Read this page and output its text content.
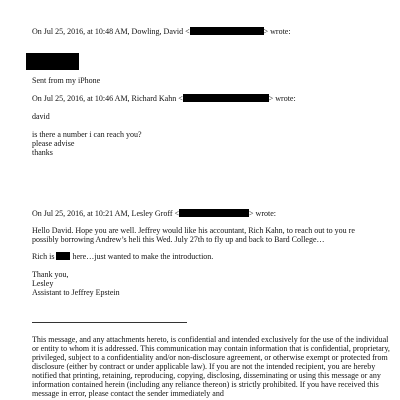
On Jul 25, 2016, at 10:48 AM, Dowling, David <	> wrote:
Sent from my iPhone
On Jul 25, 2016, at 10:46 AM, Richard Kahn <	> wrote:
david
is there a number i can reach you?
please advise
thanks
On Jul 25, 2016, at 10:21 AM, Lesley Groff <	> wrote:
Hello David. Hope you are well. Jeffrey would like his accountant, Rich Kahn, to reach out to you re
possibly borrowing Andrew’s heli this Wed. July 27th to fly up and back to Bard College…
Rich is here…just wanted to make the introduction.
Thank you,
Lesley
Assistant to Jeffrey Epstein
This message, and any attachments hereto, is confidential and intended exclusively for the use of the individual or entity to whom it is addressed. This communication may contain information that is confidential, proprietary, privileged, subject to a confidentiality and/or non-disclosure agreement, or otherwise exempt or protected from disclosure (either by contract or under applicable law). If you are not the intended recipient, you are hereby notified that printing, retaining, reproducing, copying, disclosing, disseminating or using this message or any information contained herein (including any reliance thereon) is strictly prohibited. If you have received this message in error, please contact the sender immediately and
